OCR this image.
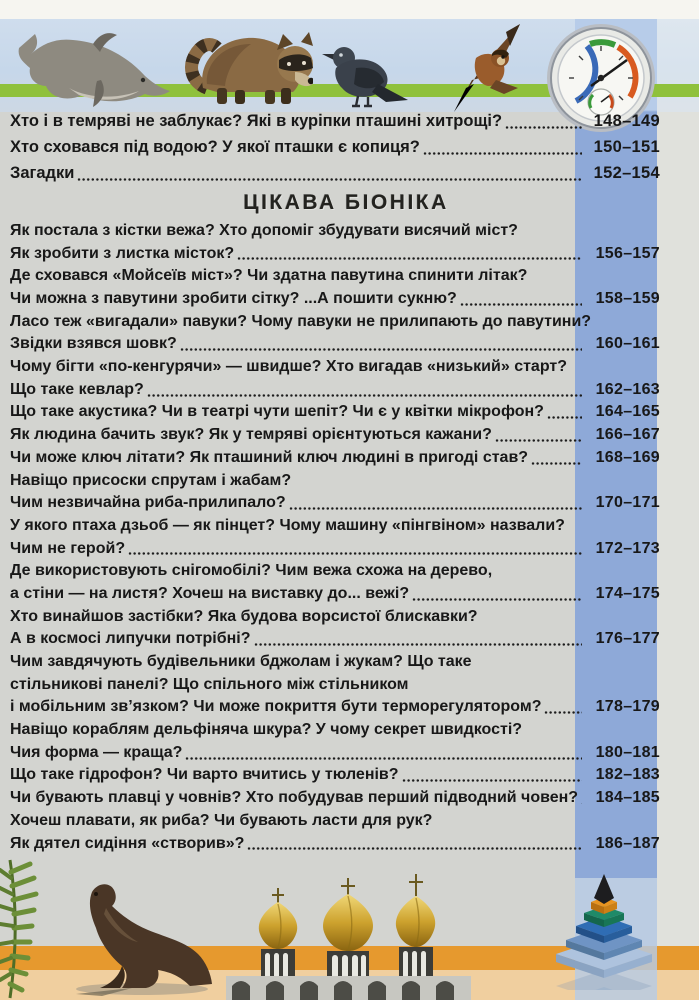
Хто і в темряві не заблукає? Які в куріпки пташині хитрощі?	148–149
Хто сховався під водою? У якої пташки є копиця?	150–151
Загадки	152–154
ЦІКАВА БІОНІКА
Як постала з кістки вежа? Хто допоміг збудувати висячий міст?
Як зробити з листка місток?	156–157
Де сховався «Мойсеїв міст»? Чи здатна павутина спинити літак?
Чи можна з павутини зробити сітку? ...А пошити сукню?	158–159
Ласо теж «вигадали» павуки? Чому павуки не прилипають до павутини?
Звідки взявся шовк?	160–161
Чому бігти «по-кенгурячи» — швидше? Хто вигадав «низький» старт?
Що таке кевлар?	162–163
Що таке акустика? Чи в театрі чути шепіт? Чи є у квітки мікрофон?	164–165
Як людина бачить звук? Як у темряві орієнтуються кажани?	166–167
Чи може ключ літати? Як пташиний ключ людині в пригоді став?	168–169
Навіщо присоски спрутам і жабам?
Чим незвичайна риба-прилипало?	170–171
У якого птаха дзьоб — як пінцет? Чому машину «пінгвіном» назвали?
Чим не герой?	172–173
Де використовують снігомобілі? Чим вежа схожа на дерево,
а стіни — на листя? Хочеш на виставку до... вежі?	174–175
Хто винайшов застібки? Яка будова ворсистої блискавки?
А в космосі липучки потрібні?	176–177
Чим завдячують будівельники бджолам і жукам? Що таке
стільникові панелі? Що спільного між стільником
і мобільним зв’язком? Чи може покриття бути терморегулятором?	178–179
Навіщо кораблям дельфіняча шкура? У чому секрет швидкості?
Чия форма — краща?	180–181
Що таке гідрофон? Чи варто вчитись у тюленів?	182–183
Чи бувають плавці у човнів? Хто побудував перший підводний човен?	184–185
Хочеш плавати, як риба? Чи бувають ласти для рук?
Як дятел сидіння «створив»?	186–187
